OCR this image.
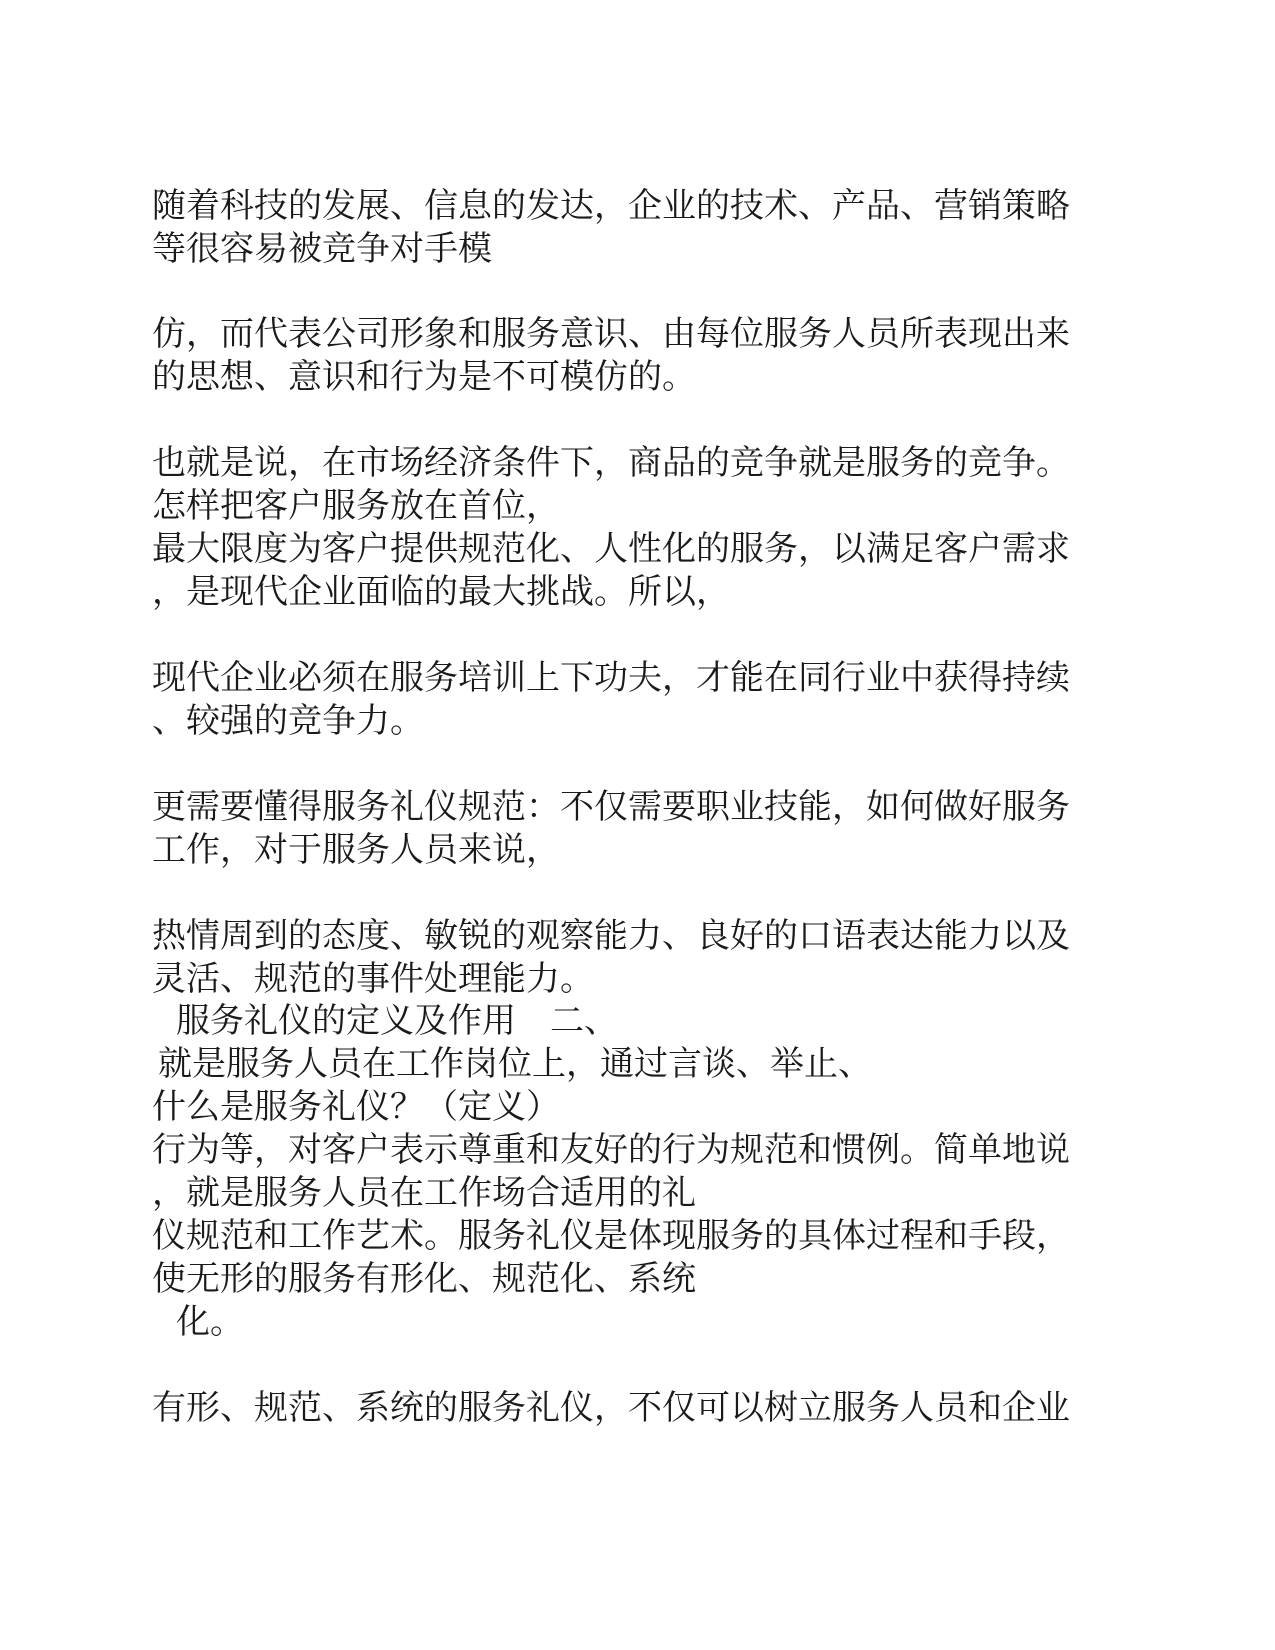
随着科技的发展、信息的发达，企业的技术、产品、营销策略

等很容易被竞争对手模

仿，而代表公司形象和服务意识、由每位服务人员所表现出来

的思想、意识和行为是不可模仿的。

也就是说，在市场经济条件下，商品的竞争就是服务的竞争。

怎样把客户服务放在首位，

最大限度为客户提供规范化、人性化的服务，以满足客户需求

，是现代企业面临的最大挑战。所以，

现代企业必须在服务培训上下功夫，才能在同行业中获得持续

、较强的竞争力。

更需要懂得服务礼仪规范：不仅需要职业技能，如何做好服务

工作，对于服务人员来说，

热情周到的态度、敏锐的观察能力、良好的口语表达能力以及

灵活、规范的事件处理能力。

服务礼仪的定义及作用　二、

就是服务人员在工作岗位上，通过言谈、举止、

什么是服务礼仪？（定义）

行为等，对客户表示尊重和友好的行为规范和惯例。简单地说

，就是服务人员在工作场合适用的礼

仪规范和工作艺术。服务礼仪是体现服务的具体过程和手段，

使无形的服务有形化、规范化、系统

化。

有形、规范、系统的服务礼仪，不仅可以树立服务人员和企业
